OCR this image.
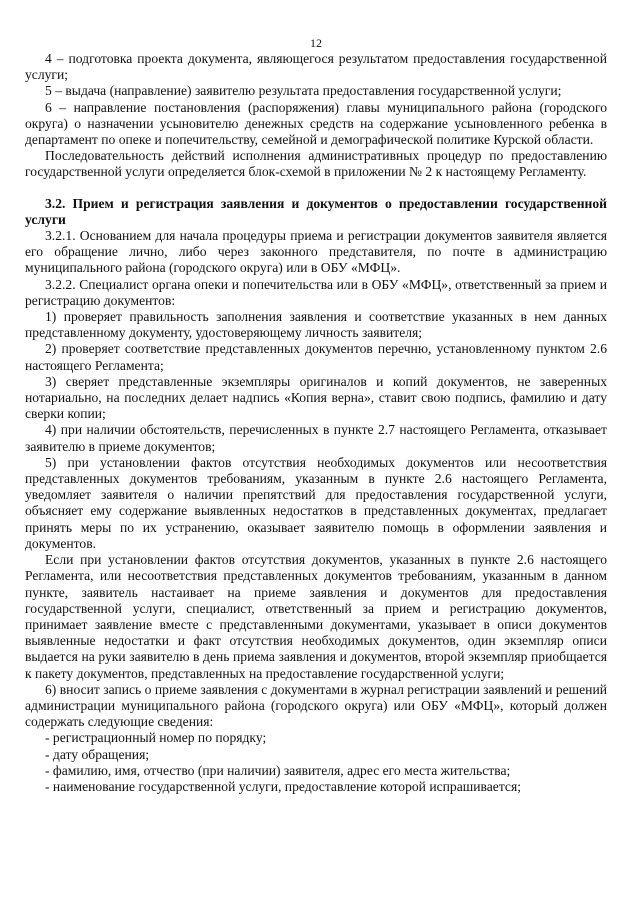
12

4 – подготовка проекта документа, являющегося результатом предоставления государственной услуги;

5 – выдача (направление) заявителю результата предоставления государственной услуги;

6 – направление постановления (распоряжения) главы муниципального района (городского округа) о назначении усыновителю денежных средств на содержание усыновленного ребенка в департамент по опеке и попечительству, семейной и демографической политике Курской области.

Последовательность действий исполнения административных процедур по предоставлению государственной услуги определяется блок-схемой в приложении № 2 к настоящему Регламенту.

3.2. Прием и регистрация заявления и документов о предоставлении государственной услуги

3.2.1. Основанием для начала процедуры приема и регистрации документов заявителя является его обращение лично, либо через законного представителя, по почте в администрацию муниципального района (городского округа) или в ОБУ «МФЦ».

3.2.2. Специалист органа опеки и попечительства или в ОБУ «МФЦ», ответственный за прием и регистрацию документов:

1) проверяет правильность заполнения заявления и соответствие указанных в нем данных представленному документу, удостоверяющему личность заявителя;

2) проверяет соответствие представленных документов перечню, установленному пунктом 2.6 настоящего Регламента;

3) сверяет представленные экземпляры оригиналов и копий документов, не заверенных нотариально, на последних делает надпись «Копия верна», ставит свою подпись, фамилию и дату сверки копии;

4) при наличии обстоятельств, перечисленных в пункте 2.7 настоящего Регламента, отказывает заявителю в приеме документов;

5) при установлении фактов отсутствия необходимых документов или несоответствия представленных документов требованиям, указанным в пункте 2.6 настоящего Регламента, уведомляет заявителя о наличии препятствий для предоставления государственной услуги, объясняет ему содержание выявленных недостатков в представленных документах, предлагает принять меры по их устранению, оказывает заявителю помощь в оформлении заявления и документов.

Если при установлении фактов отсутствия документов, указанных в пункте 2.6 настоящего Регламента, или несоответствия представленных документов требованиям, указанным в данном пункте, заявитель настаивает на приеме заявления и документов для предоставления государственной услуги, специалист, ответственный за прием и регистрацию документов, принимает заявление вместе с представленными документами, указывает в описи документов выявленные недостатки и факт отсутствия необходимых документов, один экземпляр описи выдается на руки заявителю в день приема заявления и документов, второй экземпляр приобщается к пакету документов, представленных на предоставление государственной услуги;

6) вносит запись о приеме заявления с документами в журнал регистрации заявлений и решений администрации муниципального района (городского округа) или ОБУ «МФЦ», который должен содержать следующие сведения:

- регистрационный номер по порядку;
- дату обращения;
- фамилию, имя, отчество (при наличии) заявителя, адрес его места жительства;
- наименование государственной услуги, предоставление которой испрашивается;
